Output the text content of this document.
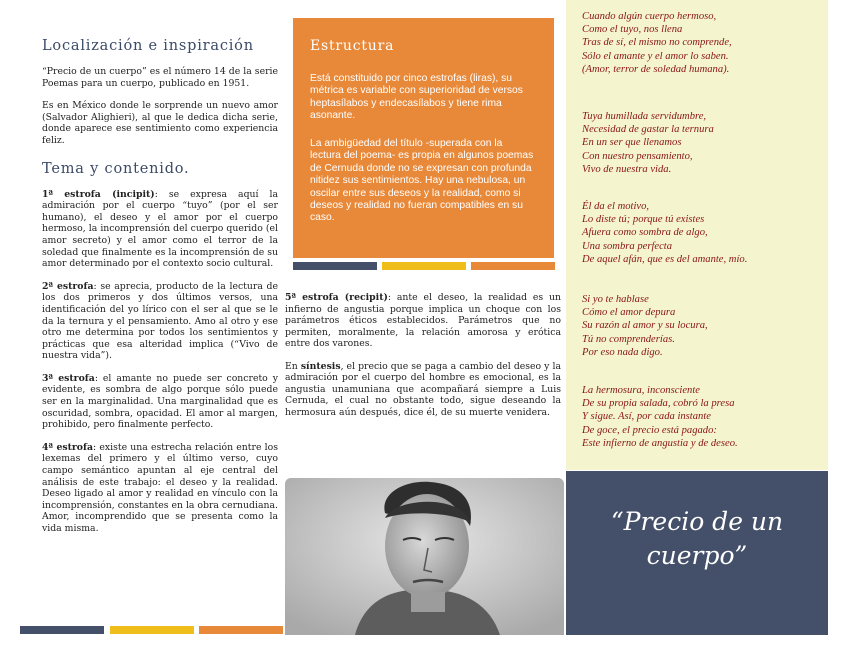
Localización e inspiración

“Precio de un cuerpo” es el número 14 de la serie Poemas para un cuerpo, publicado en 1951.

Es en México donde le sorprende un nuevo amor (Salvador Alighieri), al que le dedica dicha serie, donde aparece ese sentimiento como experiencia feliz.

Tema y contenido.

1ª estrofa (incipit): se expresa aquí la admiración por el cuerpo “tuyo” (por el ser humano), el deseo y el amor por el cuerpo hermoso, la incomprensión del cuerpo querido (el amor secreto) y el amor como el terror de la soledad que finalmente es la incomprensión de su amor determinado por el contexto socio cultural.

2ª estrofa: se aprecia, producto de la lectura de los dos primeros y dos últimos versos, una identificación del yo lírico con el ser al que se le da la ternura y el pensamiento. Amo al otro y ese otro me determina por todos los sentimientos y prácticas que esa alteridad implica (“Vivo de nuestra vida”).

3ª estrofa: el amante no puede ser concreto y evidente, es sombra de algo porque sólo puede ser en la marginalidad. Una marginalidad que es oscuridad, sombra, opacidad. El amor al margen, prohibido, pero finalmente perfecto.

4ª estrofa: existe una estrecha relación entre los lexemas del primero y el último verso, cuyo campo semántico apuntan al eje central del análisis de este trabajo: el deseo y la realidad. Deseo ligado al amor y realidad en vínculo con la incomprensión, constantes en la obra cernudiana. Amor, incomprendido que se presenta como la vida misma.

Estructura
Está constituido por cinco estrofas (liras), su métrica es variable con superioridad de versos heptasílabos y endecasílabos y tiene rima asonante.
La ambigüedad del título -superada con la lectura del poema- es propia en algunos poemas de Cernuda donde no se expresan con profunda nitidez sus sentimientos. Hay una nebulosa, un oscilar entre sus deseos y la realidad, como si deseos y realidad no fueran compatibles en su caso.

5ª estrofa (recipit): ante el deseo, la realidad es un infierno de angustia porque implica un choque con los parámetros éticos establecidos. Parámetros que no permiten, moralmente, la relación amorosa y erótica entre dos varones.

En síntesis, el precio que se paga a cambio del deseo y la admiración por el cuerpo del hombre es emocional, es la angustia unamuniana que acompañará siempre a Luis Cernuda, el cual no obstante todo, sigue deseando la hermosura aún después, dice él, de su muerte venidera.

Cuando algún cuerpo hermoso,
Como el tuyo, nos llena
Tras de sí, el mismo no comprende,
Sólo el amante y el amor lo saben.
(Amor, terror de soledad humana).
Tuya humillada servidumbre,
Necesidad de gastar la ternura
En un ser que llenamos
Con nuestro pensamiento,
Vivo de nuestra vida.
Él da el motivo,
Lo diste tú; porque tú existes
Afuera como sombra de algo,
Una sombra perfecta
De aquel afán, que es del amante, mío.
Si yo te hablase
Cómo el amor depura
Su razón al amor y su locura,
Tú no comprenderías.
Por eso nada digo.
La hermosura, inconsciente
De su propia salada, cobró la presa
Y sigue. Así, por cada instante
De goce, el precio está pagado:
Este infierno de angustia y de deseo.
“Precio de un
cuerpo”
